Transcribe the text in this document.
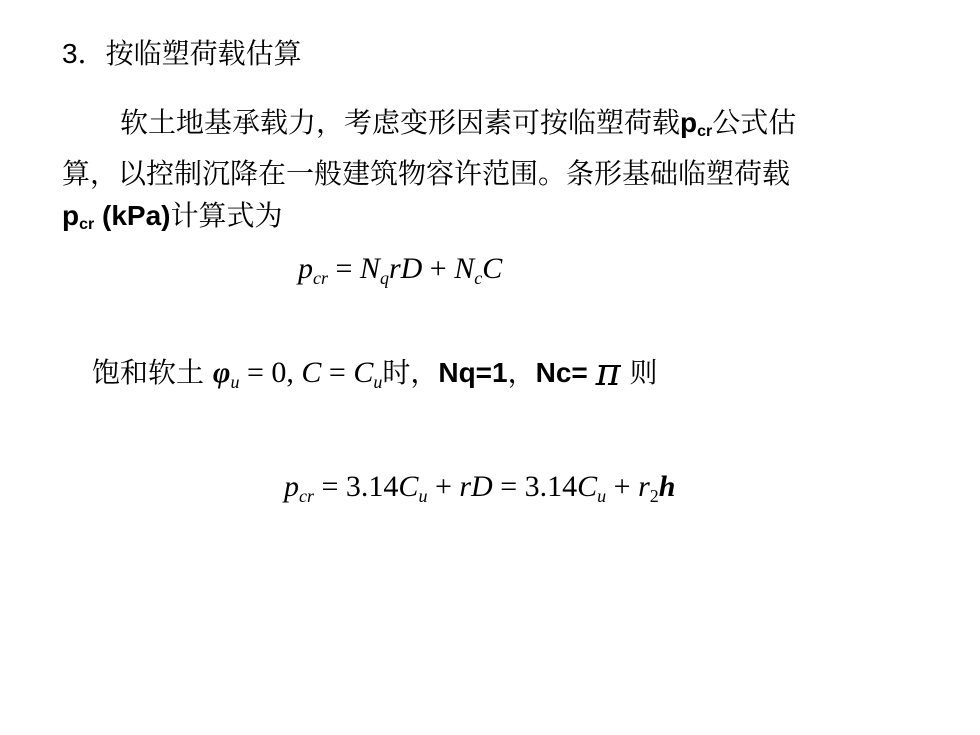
3．按临塑荷载估算
软土地基承载力，考虑变形因素可按临塑荷载$p_{cr}$公式估
算，以控制沉降在一般建筑物容许范围。条形基础临塑荷载
$p_{cr}$ (kPa)计算式为
$p_{cr} = N_qrD + N_cC$
饱和软土 $\varphi_u = 0$, $C = C_u$时，Nq=1，Nc= π 则
$p_{cr} = 3.14C_u$ + rD = $3.14C_u + r_2h$
